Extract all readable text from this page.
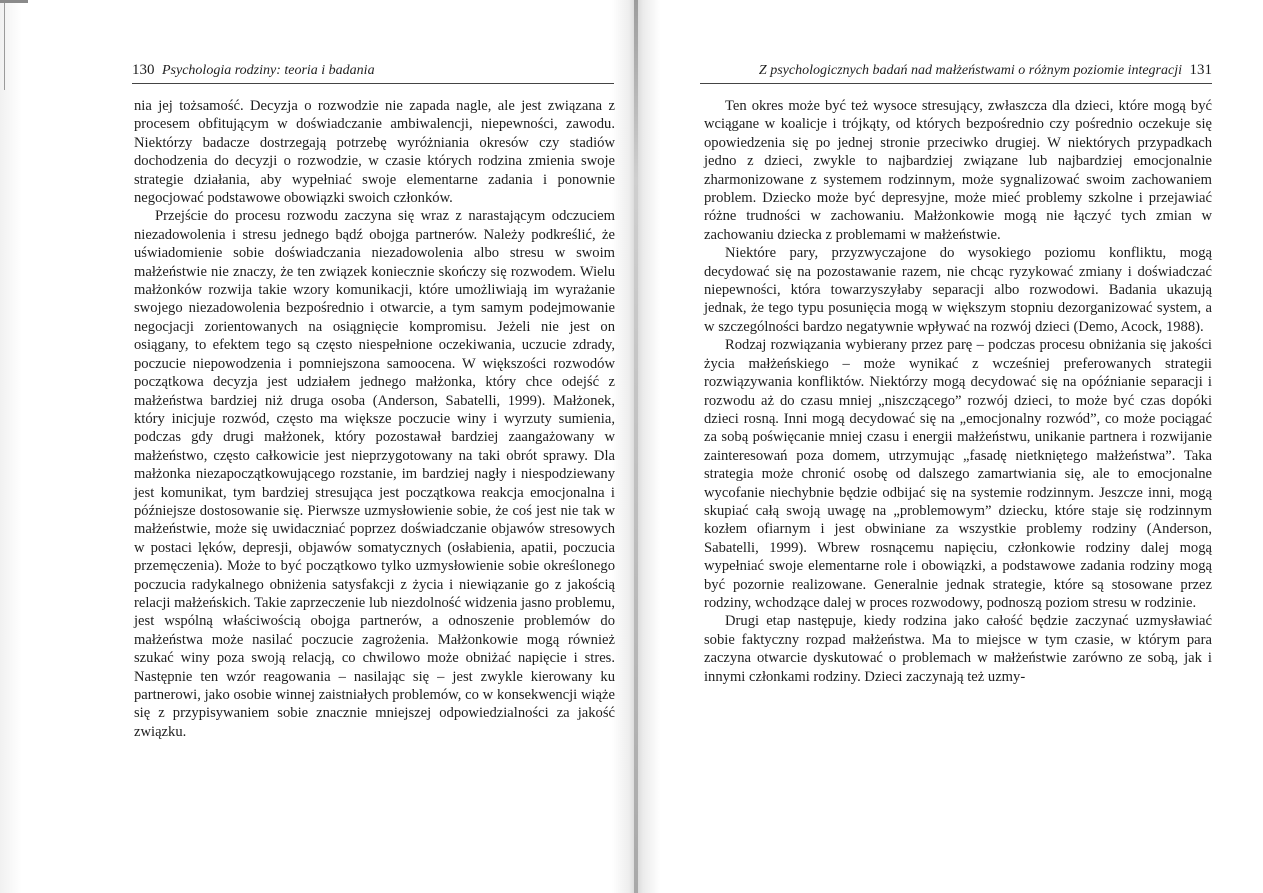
130 Psychologia rodziny: teoria i badania

nia jej tożsamość. Decyzja o rozwodzie nie zapada nagle, ale jest związana z procesem obfitującym w doświadczanie ambiwalencji, niepewności, zawodu. Niektórzy badacze dostrzegają potrzebę wyróżniania okresów czy stadiów dochodzenia do decyzji o rozwodzie, w czasie których rodzina zmienia swoje strategie działania, aby wypełniać swoje elementarne zadania i ponownie negocjować podstawowe obowiązki swoich członków.

Przejście do procesu rozwodu zaczyna się wraz z narastającym odczuciem niezadowolenia i stresu jednego bądź obojga partnerów. Należy podkreślić, że uświadomienie sobie doświadczania niezadowolenia albo stresu w swoim małżeństwie nie znaczy, że ten związek koniecznie skończy się rozwodem. Wielu małżonków rozwija takie wzory komunikacji, które umożliwiają im wyrażanie swojego niezadowolenia bezpośrednio i otwarcie, a tym samym podejmowanie negocjacji zorientowanych na osiągnięcie kompromisu. Jeżeli nie jest on osiągany, to efektem tego są często niespełnione oczekiwania, uczucie zdrady, poczucie niepowodzenia i pomniejszona samoocena. W większości rozwodów początkowa decyzja jest udziałem jednego małżonka, który chce odejść z małżeństwa bardziej niż druga osoba (Anderson, Sabatelli, 1999). Małżonek, który inicjuje rozwód, często ma większe poczucie winy i wyrzuty sumienia, podczas gdy drugi małżonek, który pozostawał bardziej zaangażowany w małżeństwo, często całkowicie jest nieprzygotowany na taki obrót sprawy. Dla małżonka niezapoczątkowującego rozstanie, im bardziej nagły i niespodziewany jest komunikat, tym bardziej stresująca jest początkowa reakcja emocjonalna i późniejsze dostosowanie się. Pierwsze uzmysłowienie sobie, że coś jest nie tak w małżeństwie, może się uwidaczniać poprzez doświadczanie objawów stresowych w postaci lęków, depresji, objawów somatycznych (osłabienia, apatii, poczucia przemęczenia). Może to być początkowo tylko uzmysłowienie sobie określonego poczucia radykalnego obniżenia satysfakcji z życia i niewiązanie go z jakością relacji małżeńskich. Takie zaprzeczenie lub niezdolność widzenia jasno problemu, jest wspólną właściwością obojga partnerów, a odnoszenie problemów do małżeństwa może nasilać poczucie zagrożenia. Małżonkowie mogą również szukać winy poza swoją relacją, co chwilowo może obniżać napięcie i stres. Następnie ten wzór reagowania – nasilając się – jest zwykle kierowany ku partnerowi, jako osobie winnej zaistniałych problemów, co w konsekwencji wiąże się z przypisywaniem sobie znacznie mniejszej odpowiedzialności za jakość związku.

Z psychologicznych badań nad małżeństwami o różnym poziomie integracji 131

Ten okres może być też wysoce stresujący, zwłaszcza dla dzieci, które mogą być wciągane w koalicje i trójkąty, od których bezpośrednio czy pośrednio oczekuje się opowiedzenia się po jednej stronie przeciwko drugiej. W niektórych przypadkach jedno z dzieci, zwykle to najbardziej związane lub najbardziej emocjonalnie zharmonizowane z systemem rodzinnym, może sygnalizować swoim zachowaniem problem. Dziecko może być depresyjne, może mieć problemy szkolne i przejawiać różne trudności w zachowaniu. Małżonkowie mogą nie łączyć tych zmian w zachowaniu dziecka z problemami w małżeństwie.

Niektóre pary, przyzwyczajone do wysokiego poziomu konfliktu, mogą decydować się na pozostawanie razem, nie chcąc ryzykować zmiany i doświadczać niepewności, która towarzyszyłaby separacji albo rozwodowi. Badania ukazują jednak, że tego typu posunięcia mogą w większym stopniu dezorganizować system, a w szczególności bardzo negatywnie wpływać na rozwój dzieci (Demo, Acock, 1988).

Rodzaj rozwiązania wybierany przez parę – podczas procesu obniżania się jakości życia małżeńskiego – może wynikać z wcześniej preferowanych strategii rozwiązywania konfliktów. Niektórzy mogą decydować się na opóźnianie separacji i rozwodu aż do czasu mniej „niszczącego” rozwój dzieci, to może być czas dopóki dzieci rosną. Inni mogą decydować się na „emocjonalny rozwód”, co może pociągać za sobą poświęcanie mniej czasu i energii małżeństwu, unikanie partnera i rozwijanie zainteresowań poza domem, utrzymując „fasadę nietkniętego małżeństwa”. Taka strategia może chronić osobę od dalszego zamartwiania się, ale to emocjonalne wycofanie niechybnie będzie odbijać się na systemie rodzinnym. Jeszcze inni, mogą skupiać całą swoją uwagę na „problemowym” dziecku, które staje się rodzinnym kozłem ofiarnym i jest obwiniane za wszystkie problemy rodziny (Anderson, Sabatelli, 1999). Wbrew rosnącemu napięciu, członkowie rodziny dalej mogą wypełniać swoje elementarne role i obowiązki, a podstawowe zadania rodziny mogą być pozornie realizowane. Generalnie jednak strategie, które są stosowane przez rodziny, wchodzące dalej w proces rozwodowy, podnoszą poziom stresu w rodzinie.

Drugi etap następuje, kiedy rodzina jako całość będzie zaczynać uzmysławiać sobie faktyczny rozpad małżeństwa. Ma to miejsce w tym czasie, w którym para zaczyna otwarcie dyskutować o problemach w małżeństwie zarówno ze sobą, jak i innymi członkami rodziny. Dzieci zaczynają też uzmy-
